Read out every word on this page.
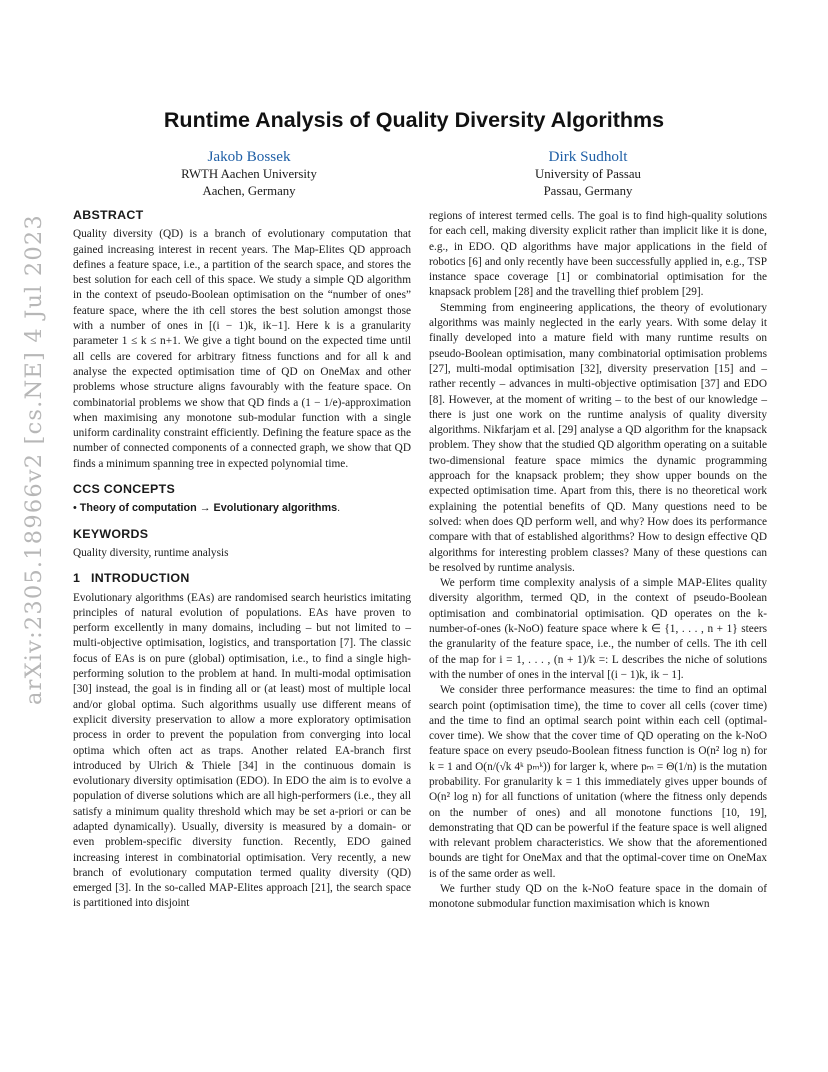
arXiv:2305.18966v2 [cs.NE] 4 Jul 2023
Runtime Analysis of Quality Diversity Algorithms
Jakob Bossek
RWTH Aachen University
Aachen, Germany
Dirk Sudholt
University of Passau
Passau, Germany
ABSTRACT

Quality diversity (QD) is a branch of evolutionary computation that gained increasing interest in recent years. The Map-Elites QD approach defines a feature space, i.e., a partition of the search space, and stores the best solution for each cell of this space. We study a simple QD algorithm in the context of pseudo-Boolean optimisation on the “number of ones” feature space, where the ith cell stores the best solution amongst those with a number of ones in [(i − 1)k, ik−1]. Here k is a granularity parameter 1 ≤ k ≤ n+1. We give a tight bound on the expected time until all cells are covered for arbitrary fitness functions and for all k and analyse the expected optimisation time of QD on OneMax and other problems whose structure aligns favourably with the feature space. On combinatorial problems we show that QD finds a (1 − 1/e)-approximation when maximising any monotone sub-modular function with a single uniform cardinality constraint efficiently. Defining the feature space as the number of connected components of a connected graph, we show that QD finds a minimum spanning tree in expected polynomial time.

CCS CONCEPTS

• Theory of computation → Evolutionary algorithms.

KEYWORDS

Quality diversity, runtime analysis

1 INTRODUCTION

Evolutionary algorithms (EAs) are randomised search heuristics imitating principles of natural evolution of populations. EAs have proven to perform excellently in many domains, including – but not limited to – multi-objective optimisation, logistics, and transportation [7]. The classic focus of EAs is on pure (global) optimisation, i.e., to find a single high-performing solution to the problem at hand. In multi-modal optimisation [30] instead, the goal is in finding all or (at least) most of multiple local and/or global optima. Such algorithms usually use different means of explicit diversity preservation to allow a more exploratory optimisation process in order to prevent the population from converging into local optima which often act as traps. Another related EA-branch first introduced by Ulrich & Thiele [34] in the continuous domain is evolutionary diversity optimisation (EDO). In EDO the aim is to evolve a population of diverse solutions which are all high-performers (i.e., they all satisfy a minimum quality threshold which may be set a-priori or can be adapted dynamically). Usually, diversity is measured by a domain- or even problem-specific diversity function. Recently, EDO gained increasing interest in combinatorial optimisation. Very recently, a new branch of evolutionary computation termed quality diversity (QD) emerged [3]. In the so-called MAP-Elites approach [21], the search space is partitioned into disjoint

regions of interest termed cells. The goal is to find high-quality solutions for each cell, making diversity explicit rather than implicit like it is done, e.g., in EDO. QD algorithms have major applications in the field of robotics [6] and only recently have been successfully applied in, e.g., TSP instance space coverage [1] or combinatorial optimisation for the knapsack problem [28] and the travelling thief problem [29].

Stemming from engineering applications, the theory of evolutionary algorithms was mainly neglected in the early years. With some delay it finally developed into a mature field with many runtime results on pseudo-Boolean optimisation, many combinatorial optimisation problems [27], multi-modal optimisation [32], diversity preservation [15] and – rather recently – advances in multi-objective optimisation [37] and EDO [8]. However, at the moment of writing – to the best of our knowledge – there is just one work on the runtime analysis of quality diversity algorithms. Nikfarjam et al. [29] analyse a QD algorithm for the knapsack problem. They show that the studied QD algorithm operating on a suitable two-dimensional feature space mimics the dynamic programming approach for the knapsack problem; they show upper bounds on the expected optimisation time. Apart from this, there is no theoretical work explaining the potential benefits of QD. Many questions need to be solved: when does QD perform well, and why? How does its performance compare with that of established algorithms? How to design effective QD algorithms for interesting problem classes? Many of these questions can be resolved by runtime analysis.

We perform time complexity analysis of a simple MAP-Elites quality diversity algorithm, termed QD, in the context of pseudo-Boolean optimisation and combinatorial optimisation. QD operates on the k-number-of-ones (k-NoO) feature space where k ∈ {1, . . . , n + 1} steers the granularity of the feature space, i.e., the number of cells. The ith cell of the map for i = 1, . . . , (n + 1)/k =: L describes the niche of solutions with the number of ones in the interval [(i − 1)k, ik − 1].

We consider three performance measures: the time to find an optimal search point (optimisation time), the time to cover all cells (cover time) and the time to find an optimal search point within each cell (optimal-cover time). We show that the cover time of QD operating on the k-NoO feature space on every pseudo-Boolean fitness function is O(n² log n) for k = 1 and O(n/(√k 4ᵏ pₘᵏ)) for larger k, where pₘ = Θ(1/n) is the mutation probability. For granularity k = 1 this immediately gives upper bounds of O(n² log n) for all functions of unitation (where the fitness only depends on the number of ones) and all monotone functions [10, 19], demonstrating that QD can be powerful if the feature space is well aligned with relevant problem characteristics. We show that the aforementioned bounds are tight for OneMax and that the optimal-cover time on OneMax is of the same order as well.

We further study QD on the k-NoO feature space in the domain of monotone submodular function maximisation which is known
